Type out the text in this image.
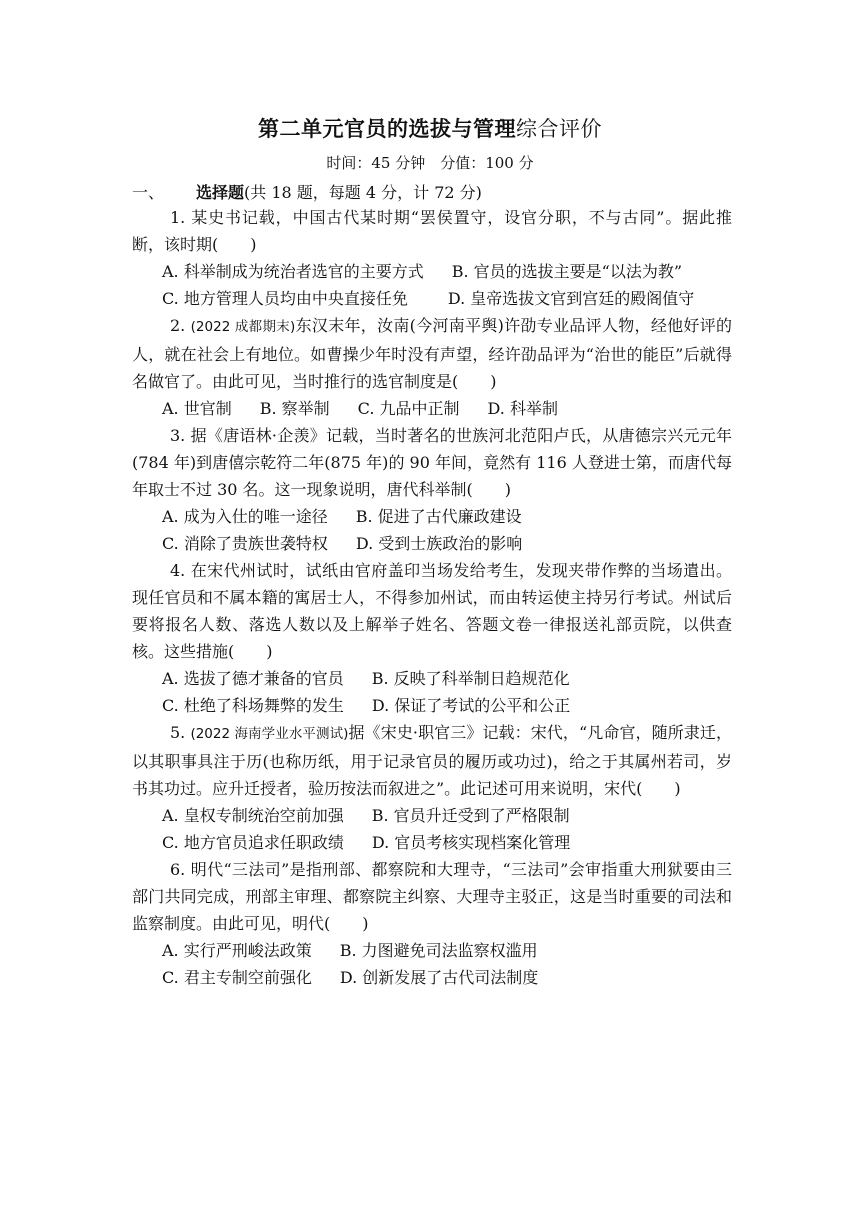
第二单元官员的选拔与管理综合评价
时间：45 分钟　分值：100 分
一、 选择题(共 18 题，每题 4 分，计 72 分)

1. 某史书记载，中国古代某时期“罢侯置守，设官分职，不与古同”。据此推断，该时期(　　)

A. 科举制成为统治者选官的主要方式 B. 官员的选拔主要是“以法为教”
C. 地方管理人员均由中央直接任免	D. 皇帝选拔文官到宫廷的殿阁值守

2. (2022 成都期末)东汉末年，汝南(今河南平舆)许劭专业品评人物，经他好评的人，就在社会上有地位。如曹操少年时没有声望，经许劭品评为“治世的能臣”后就得名做官了。由此可见，当时推行的选官制度是(　　)

A. 世官制 B. 察举制 C. 九品中正制 D. 科举制

3. 据《唐语林·企羡》记载，当时著名的世族河北范阳卢氏，从唐德宗兴元元年(784 年)到唐僖宗乾符二年(875 年)的 90 年间，竟然有 116 人登进士第，而唐代每年取士不过 30 名。这一现象说明，唐代科举制(　　)

A. 成为入仕的唯一途径 B. 促进了古代廉政建设
C. 消除了贵族世袭特权 D. 受到士族政治的影响

4. 在宋代州试时，试纸由官府盖印当场发给考生，发现夹带作弊的当场遣出。现任官员和不属本籍的寓居士人，不得参加州试，而由转运使主持另行考试。州试后要将报名人数、落选人数以及上解举子姓名、答题文卷一律报送礼部贡院，以供查核。这些措施(　　)

A. 选拔了德才兼备的官员 B. 反映了科举制日趋规范化
C. 杜绝了科场舞弊的发生 D. 保证了考试的公平和公正

5. (2022 海南学业水平测试)据《宋史·职官三》记载：宋代，“凡命官，随所隶迁，以其职事具注于历(也称历纸，用于记录官员的履历或功过)，给之于其属州若司，岁书其功过。应升迁授者，验历按法而叙进之”。此记述可用来说明，宋代(　　)

A. 皇权专制统治空前加强 B. 官员升迁受到了严格限制
C. 地方官员追求任职政绩 D. 官员考核实现档案化管理

6. 明代“三法司”是指刑部、都察院和大理寺，“三法司”会审指重大刑狱要由三部门共同完成，刑部主审理、都察院主纠察、大理寺主驳正，这是当时重要的司法和监察制度。由此可见，明代(　　)

A. 实行严刑峻法政策 B. 力图避免司法监察权滥用
C. 君主专制空前强化 D. 创新发展了古代司法制度
